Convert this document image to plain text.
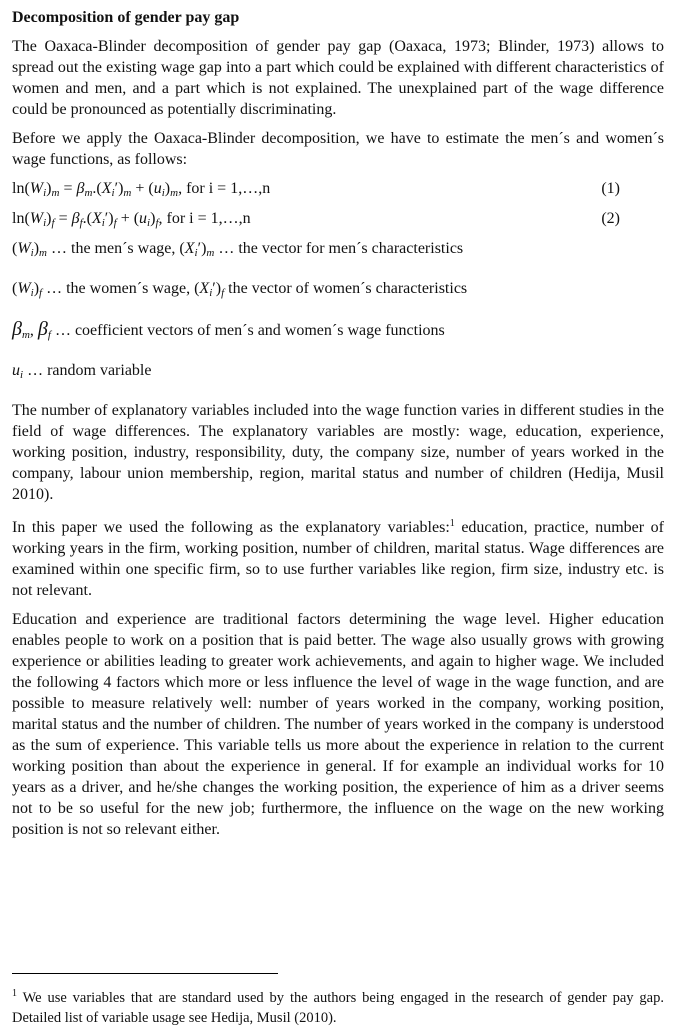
Decomposition of gender pay gap

The Oaxaca-Blinder decomposition of gender pay gap (Oaxaca, 1973; Blinder, 1973) allows to spread out the existing wage gap into a part which could be explained with different characteristics of women and men, and a part which is not explained. The unexplained part of the wage difference could be pronounced as potentially discriminating.

Before we apply the Oaxaca-Blinder decomposition, we have to estimate the men´s and women´s wage functions, as follows:

$\ln(W_i)_m = \beta_m.(X_i')_m + (u_i)_m$, for i = 1,…,n	(1)
$\ln(W_i)_f = \beta_f.(X_i')_f + (u_i)_f$, for i = 1,…,n	(2)
$(W_i)_m$ … the men´s wage, $(X_i')_m$ … the vector for men´s characteristics
$(W_i)_f$ … the women´s wage, $(X_i')_f$ the vector of women´s characteristics
$\beta_m$, $\beta_f$ … coefficient vectors of men´s and women´s wage functions
$u_i$ … random variable

The number of explanatory variables included into the wage function varies in different studies in the field of wage differences. The explanatory variables are mostly: wage, education, experience, working position, industry, responsibility, duty, the company size, number of years worked in the company, labour union membership, region, marital status and number of children (Hedija, Musil 2010).

In this paper we used the following as the explanatory variables:$^1$ education, practice, number of working years in the firm, working position, number of children, marital status. Wage differences are examined within one specific firm, so to use further variables like region, firm size, industry etc. is not relevant.

Education and experience are traditional factors determining the wage level. Higher education enables people to work on a position that is paid better. The wage also usually grows with growing experience or abilities leading to greater work achievements, and again to higher wage. We included the following 4 factors which more or less influence the level of wage in the wage function, and are possible to measure relatively well: number of years worked in the company, working position, marital status and the number of children. The number of years worked in the company is understood as the sum of experience. This variable tells us more about the experience in relation to the current working position than about the experience in general. If for example an individual works for 10 years as a driver, and he/she changes the working position, the experience of him as a driver seems not to be so useful for the new job; furthermore, the influence on the wage on the new working position is not so relevant either.

$^1$ We use variables that are standard used by the authors being engaged in the research of gender pay gap. Detailed list of variable usage see Hedija, Musil (2010).
